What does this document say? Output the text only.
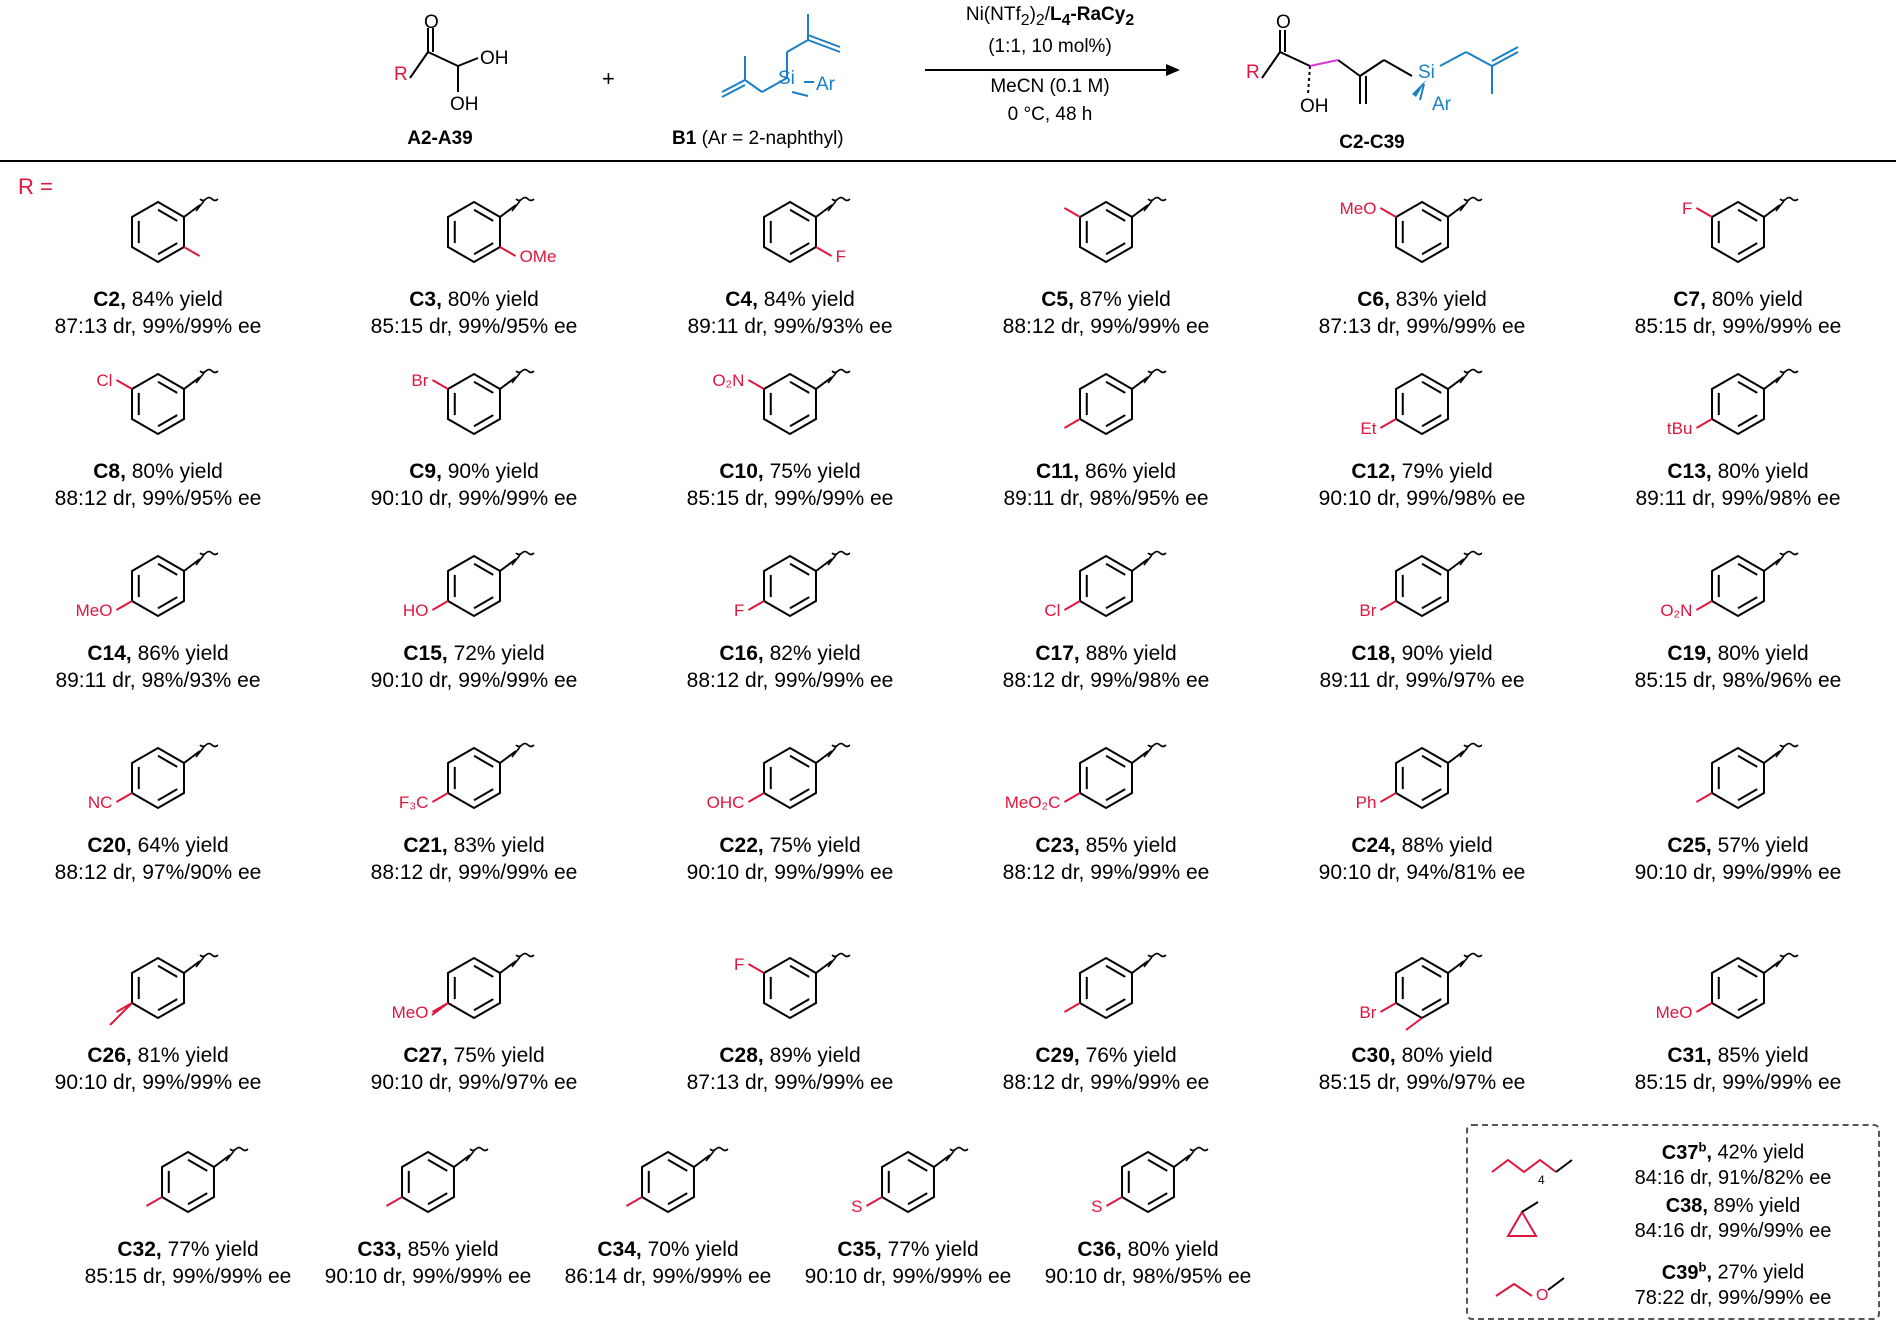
R
O
OH
OH
A2-A39
+	Si Ar
B1 (Ar = 2-naphthyl)
$Ni(NTf_2)_2/L_4-RaCy_2$
(1:1, 10 mol%)
MeCN (0.1 M)
0 °C, 48 h
R
O
OH
Si
Ar
C2-C39
R =
C2, 84% yield
87:13 dr, 99%/99% ee
OMe
C3, 80% yield
85:15 dr, 99%/95% ee
F
C4, 84% yield
89:11 dr, 99%/93% ee
C5, 87% yield
88:12 dr, 99%/99% ee
MeO
C6, 83% yield
87:13 dr, 99%/99% ee
F
C7, 80% yield
85:15 dr, 99%/99% ee
Cl
C8, 80% yield
88:12 dr, 99%/95% ee
Br
C9, 90% yield
90:10 dr, 99%/99% ee
O₂N
C10, 75% yield
85:15 dr, 99%/99% ee
C11, 86% yield
89:11 dr, 98%/95% ee
Et
C12, 79% yield
90:10 dr, 99%/98% ee
tBu
C13, 80% yield
89:11 dr, 99%/98% ee
MeO
C14, 86% yield
89:11 dr, 98%/93% ee
HO
C15, 72% yield
90:10 dr, 99%/99% ee
F
C16, 82% yield
88:12 dr, 99%/99% ee
Cl
C17, 88% yield
88:12 dr, 99%/98% ee
Br
C18, 90% yield
89:11 dr, 99%/97% ee
O₂N
C19, 80% yield
85:15 dr, 98%/96% ee
NC
C20, 64% yield
88:12 dr, 97%/90% ee
F₃C
C21, 83% yield
88:12 dr, 99%/99% ee
OHC
C22, 75% yield
90:10 dr, 99%/99% ee
MeO₂C
C23, 85% yield
88:12 dr, 99%/99% ee
Ph
C24, 88% yield
90:10 dr, 94%/81% ee
C25, 57% yield
90:10 dr, 99%/99% ee
C26, 81% yield
90:10 dr, 99%/99% ee
MeO
C27, 75% yield
90:10 dr, 99%/97% ee
F
C28, 89% yield
87:13 dr, 99%/99% ee
C29, 76% yield
88:12 dr, 99%/99% ee
Br
C30, 80% yield
85:15 dr, 99%/97% ee
MeO
C31, 85% yield
85:15 dr, 99%/99% ee
C32, 77% yield
85:15 dr, 99%/99% ee
C33, 85% yield
90:10 dr, 99%/99% ee
C34, 70% yield
86:14 dr, 99%/99% ee
S
C35, 77% yield
90:10 dr, 99%/99% ee
S
C36, 80% yield
90:10 dr, 98%/95% ee
4
C37$^b$, 42% yield
84:16 dr, 91%/82% ee
C38, 89% yield
84:16 dr, 99%/99% ee
O
C39$^b$, 27% yield
78:22 dr, 99%/99% ee
